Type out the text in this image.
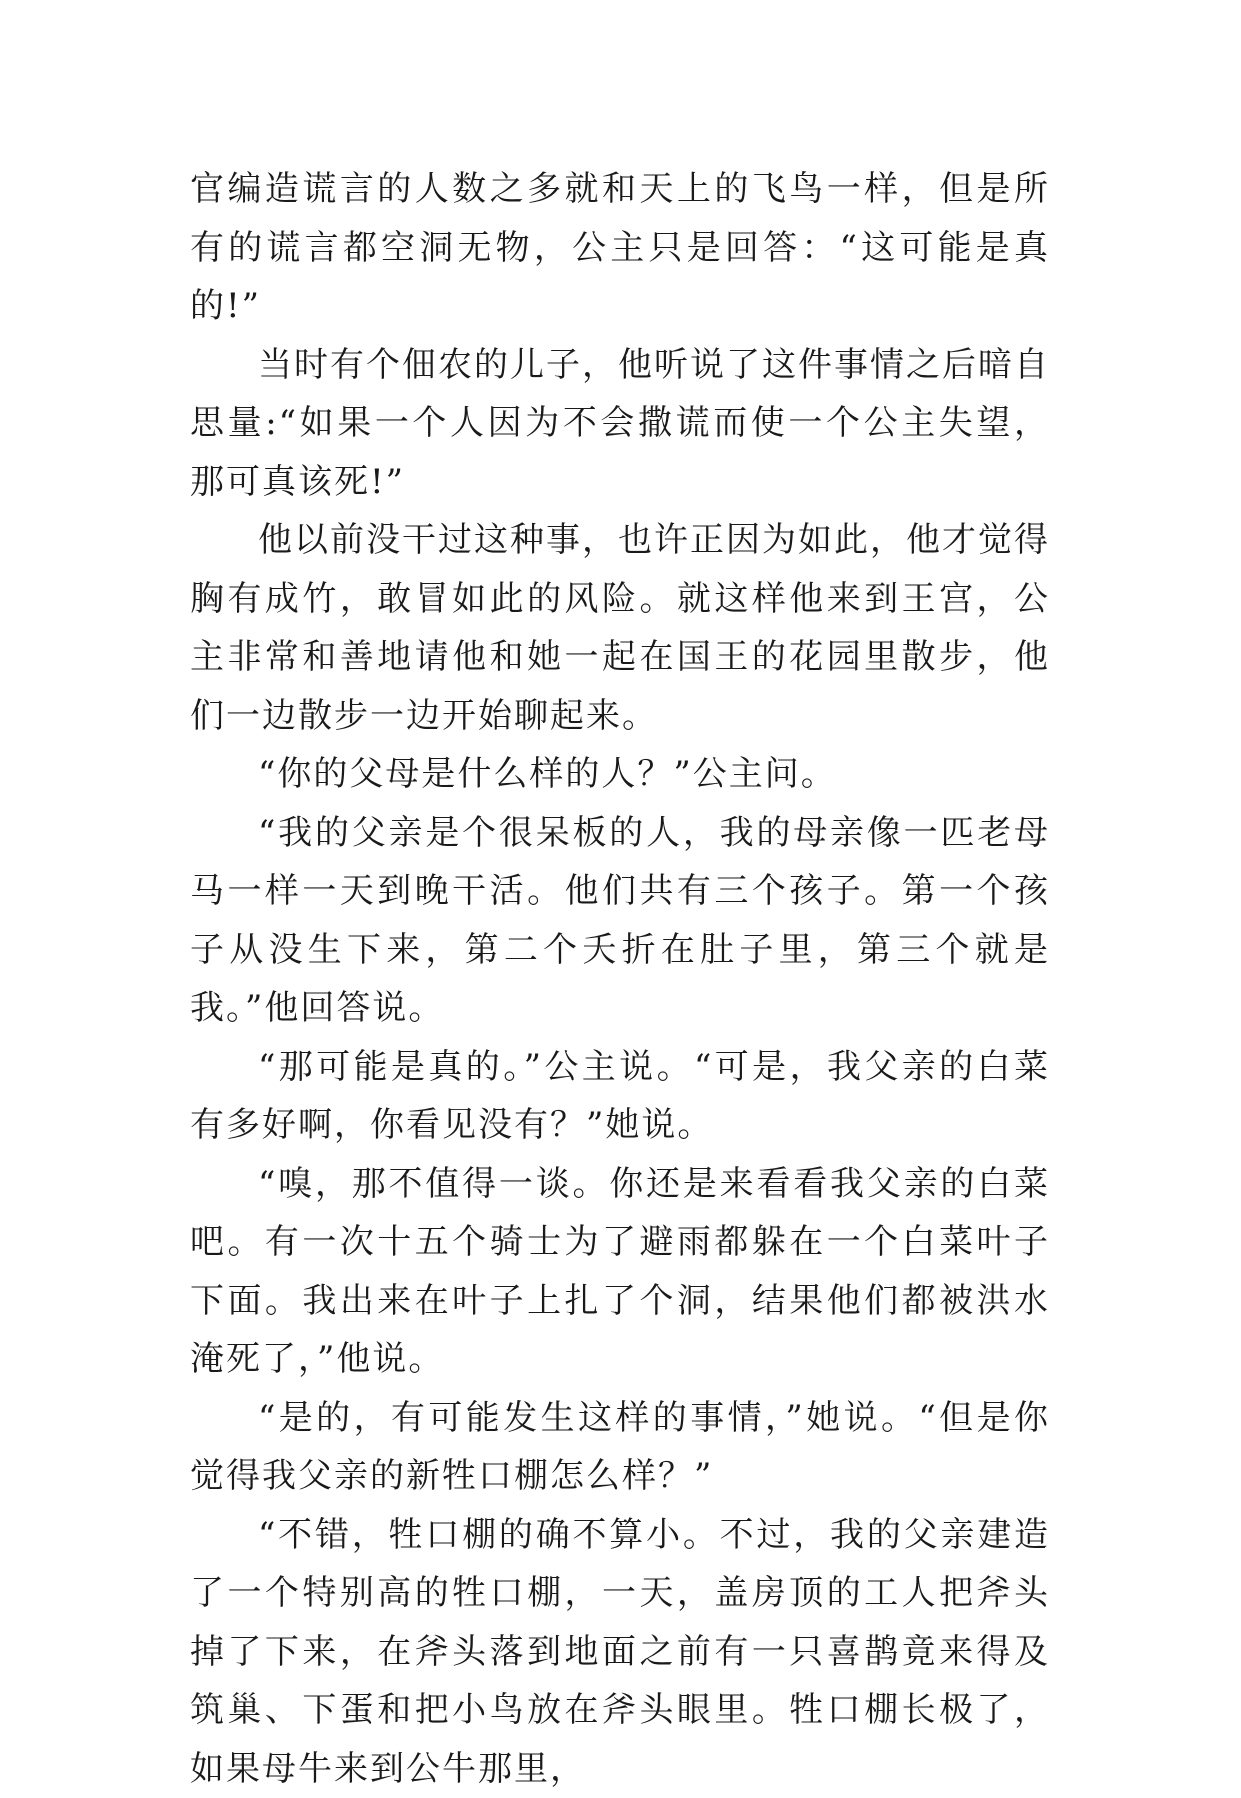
官编造谎言的人数之多就和天上的飞鸟一样，但是所有的谎言都空洞无物，公主只是回答：“这可能是真的!”

当时有个佃农的儿子，他听说了这件事情之后暗自思量:“如果一个人因为不会撒谎而使一个公主失望，那可真该死!”

他以前没干过这种事，也许正因为如此，他才觉得胸有成竹，敢冒如此的风险。就这样他来到王宫，公主非常和善地请他和她一起在国王的花园里散步，他们一边散步一边开始聊起来。

“你的父母是什么样的人？”公主问。

“我的父亲是个很呆板的人，我的母亲像一匹老母马一样一天到晚干活。他们共有三个孩子。第一个孩子从没生下来，第二个夭折在肚子里，第三个就是我。”他回答说。

“那可能是真的。”公主说。“可是，我父亲的白菜有多好啊，你看见没有？”她说。

“嗅，那不值得一谈。你还是来看看我父亲的白菜吧。有一次十五个骑士为了避雨都躲在一个白菜叶子下面。我出来在叶子上扎了个洞，结果他们都被洪水淹死了，”他说。

“是的，有可能发生这样的事情，”她说。“但是你觉得我父亲的新牲口棚怎么样？”

“不错，牲口棚的确不算小。不过，我的父亲建造了一个特别高的牲口棚，一天，盖房顶的工人把斧头掉了下来，在斧头落到地面之前有一只喜鹊竟来得及筑巢、下蛋和把小鸟放在斧头眼里。牲口棚长极了，如果母牛来到公牛那里，
